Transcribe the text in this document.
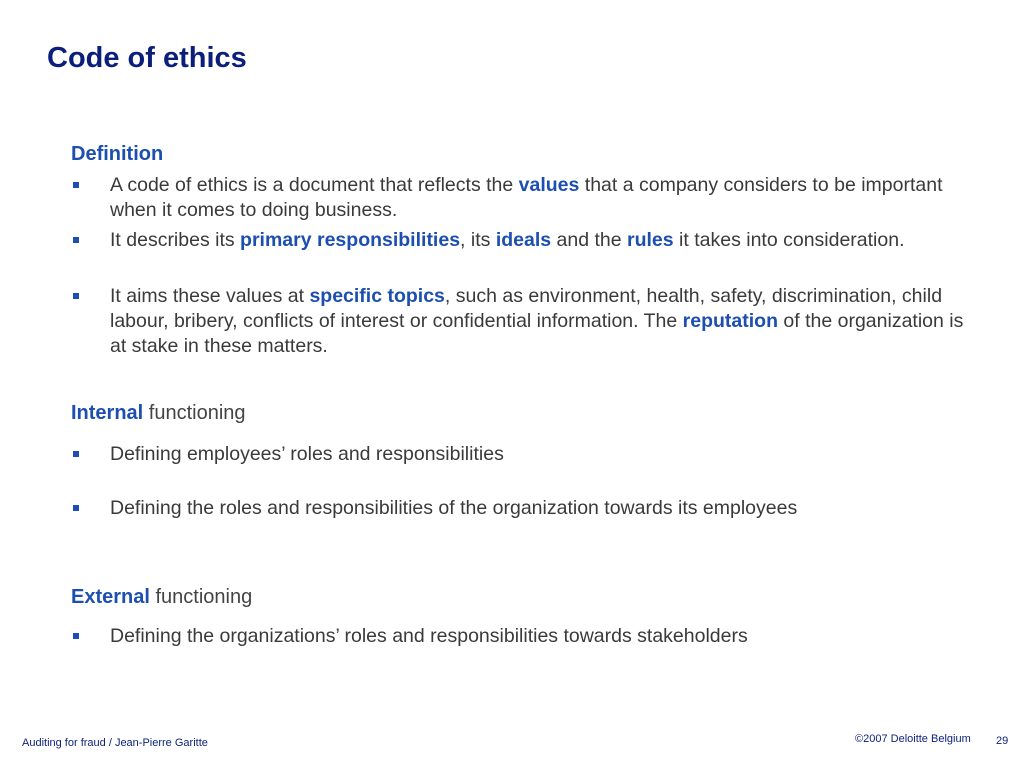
Code of ethics
Definition
A code of ethics is a document that reflects the values that a company considers to be important when it comes to doing business.
It describes its primary responsibilities, its ideals and the rules it takes into consideration.
It aims these values at specific topics, such as environment, health, safety, discrimination, child labour, bribery, conflicts of interest or confidential information. The reputation of the organization is at stake in these matters.
Internal functioning
Defining employees’ roles and responsibilities
Defining the roles and responsibilities of the organization towards its employees
External functioning
Defining the organizations’ roles and responsibilities towards stakeholders
Auditing for fraud / Jean-Pierre Garitte	©2007 Deloitte Belgium 29
